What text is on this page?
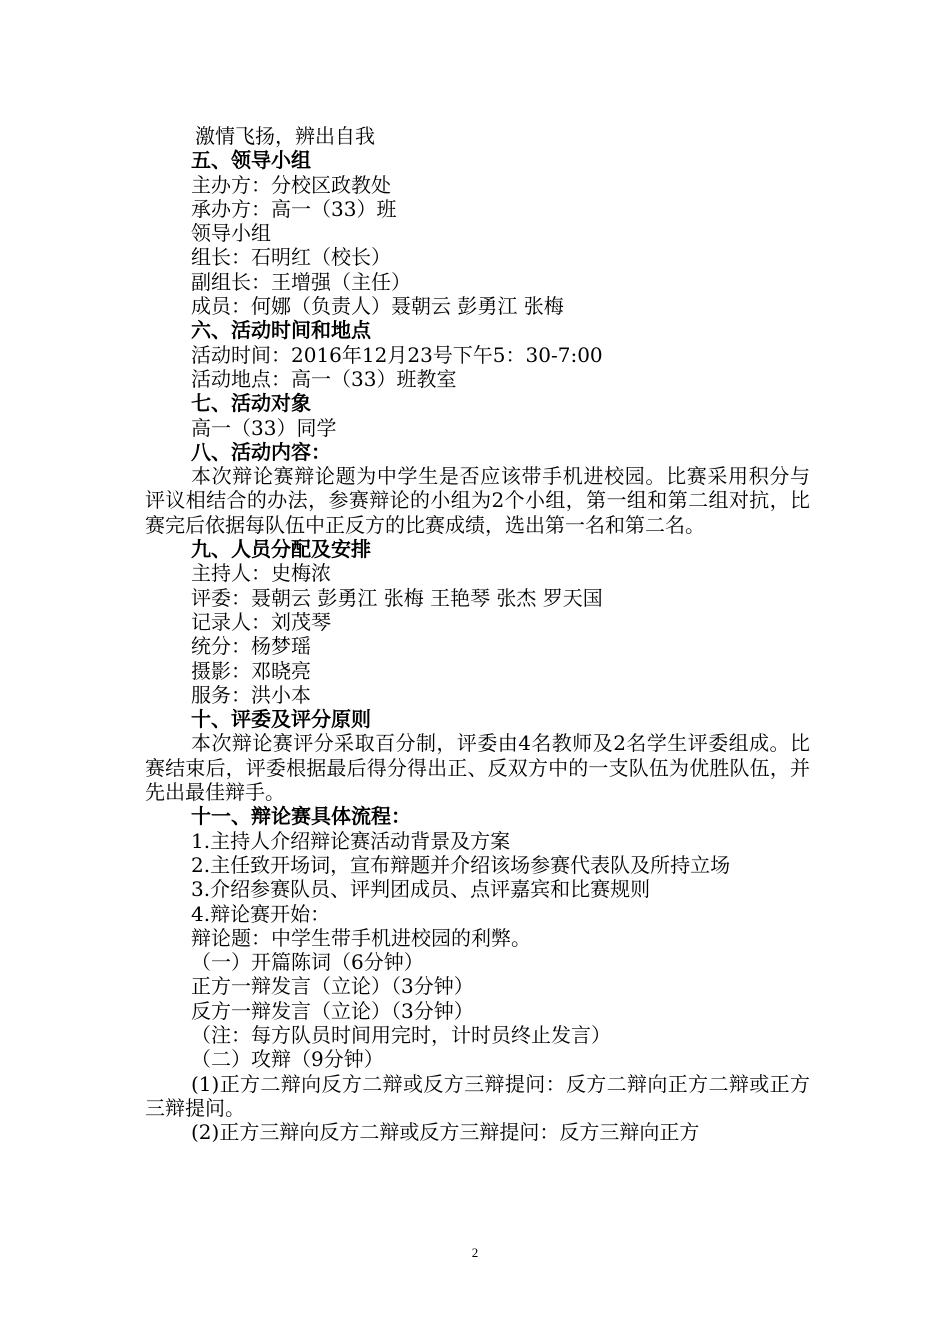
激情飞扬，辨出自我
五、领导小组
主办方：分校区政教处
承办方：高一（33）班
领导小组
组长：石明红（校长）
副组长：王增强（主任）
成员：何娜（负责人）聂朝云 彭勇江 张梅
六、活动时间和地点
活动时间：2016年12月23号下午5：30-7:00
活动地点：高一（33）班教室
七、活动对象
高一（33）同学
八、活动内容：

本次辩论赛辩论题为中学生是否应该带手机进校园。比赛采用积分与评议相结合的办法，参赛辩论的小组为2个小组，第一组和第二组对抗，比赛完后依据每队伍中正反方的比赛成绩，选出第一名和第二名。

九、人员分配及安排
主持人：史梅浓
评委：聂朝云 彭勇江 张梅 王艳琴 张杰 罗天国
记录人：刘茂琴
统分：杨梦瑶
摄影：邓晓亮
服务：洪小本
十、评委及评分原则

本次辩论赛评分采取百分制，评委由4名教师及2名学生评委组成。比赛结束后，评委根据最后得分得出正、反双方中的一支队伍为优胜队伍，并先出最佳辩手。

十一、辩论赛具体流程：
1.主持人介绍辩论赛活动背景及方案

2.主任致开场词，宣布辩题并介绍该场参赛代表队及所持立场

3.介绍参赛队员、评判团成员、点评嘉宾和比赛规则
4.辩论赛开始：
辩论题：中学生带手机进校园的利弊。
（一）开篇陈词（6分钟）
正方一辩发言（立论）（3分钟）
反方一辩发言（立论）（3分钟）
（注：每方队员时间用完时，计时员终止发言）
（二）攻辩（9分钟）

(1)正方二辩向反方二辩或反方三辩提问：反方二辩向正方二辩或正方三辩提问。

(2)正方三辩向反方二辩或反方三辩提问：反方三辩向正方
2
